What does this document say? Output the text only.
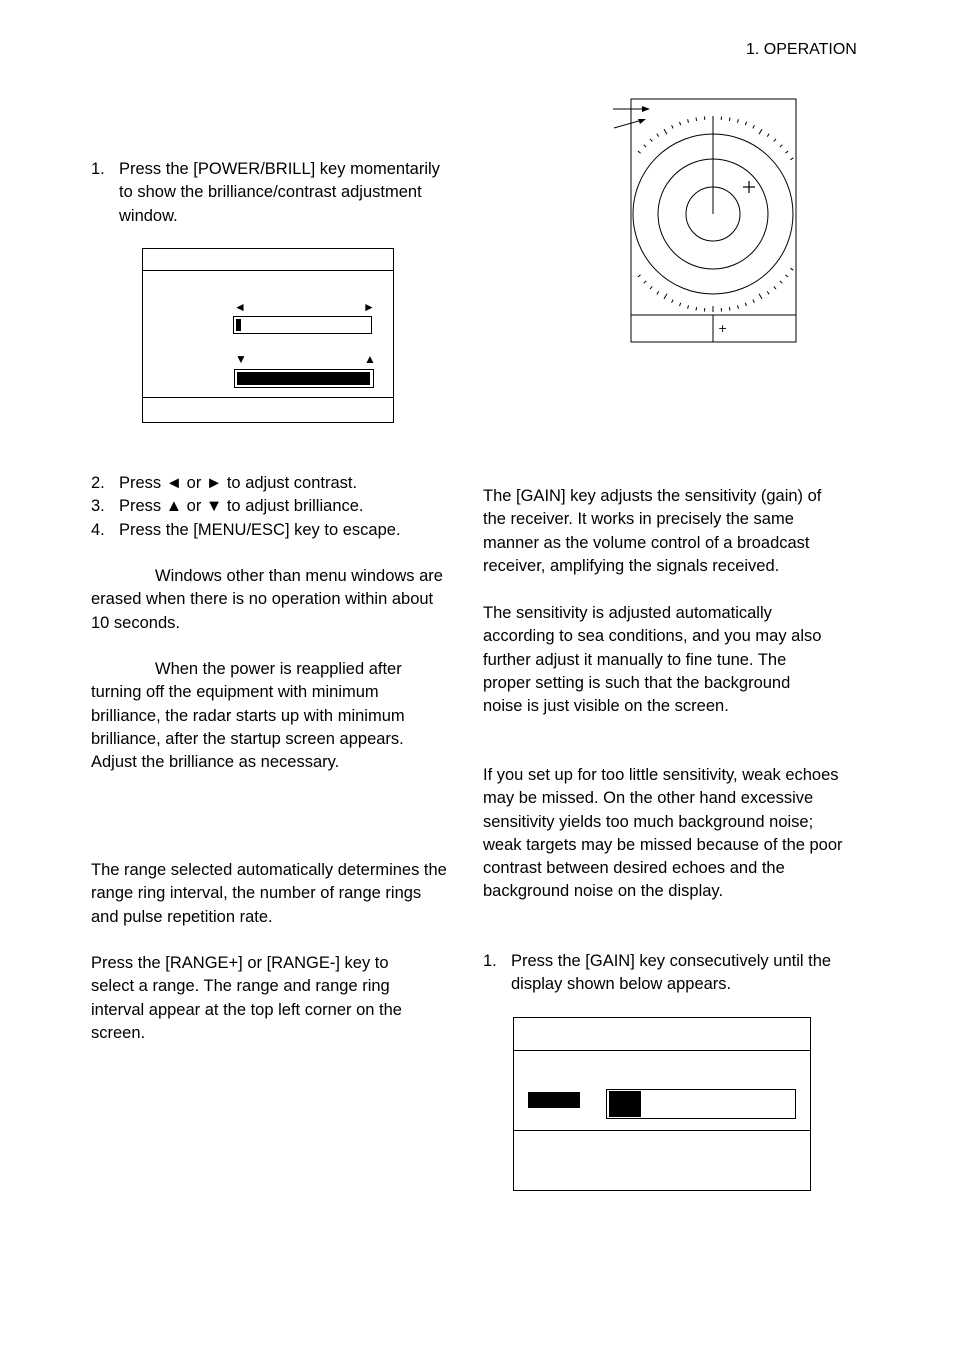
1. OPERATION
1. Press the [POWER/BRILL] key momentarily to show the brilliance/contrast adjustment window.
◄	►
▼	▲
2. Press ◄ or ► to adjust contrast.
3. Press ▲ or ▼ to adjust brilliance.
4. Press the [MENU/ESC] key to escape.

Windows other than menu windows are erased when there is no operation within about 10 seconds.

When the power is reapplied after turning off the equipment with minimum brilliance, the radar starts up with minimum brilliance, after the startup screen appears. Adjust the brilliance as necessary.

The range selected automatically determines the range ring interval, the number of range rings and pulse repetition rate.

Press the [RANGE+] or [RANGE-] key to select a range. The range and range ring interval appear at the top left corner on the screen.

+

The [GAIN] key adjusts the sensitivity (gain) of the receiver. It works in precisely the same manner as the volume control of a broadcast receiver, amplifying the signals received.

The sensitivity is adjusted automatically according to sea conditions, and you may also further adjust it manually to fine tune. The proper setting is such that the background noise is just visible on the screen.

If you set up for too little sensitivity, weak echoes may be missed. On the other hand excessive sensitivity yields too much background noise; weak targets may be missed because of the poor contrast between desired echoes and the background noise on the display.

1. Press the [GAIN] key consecutively until the display shown below appears.
